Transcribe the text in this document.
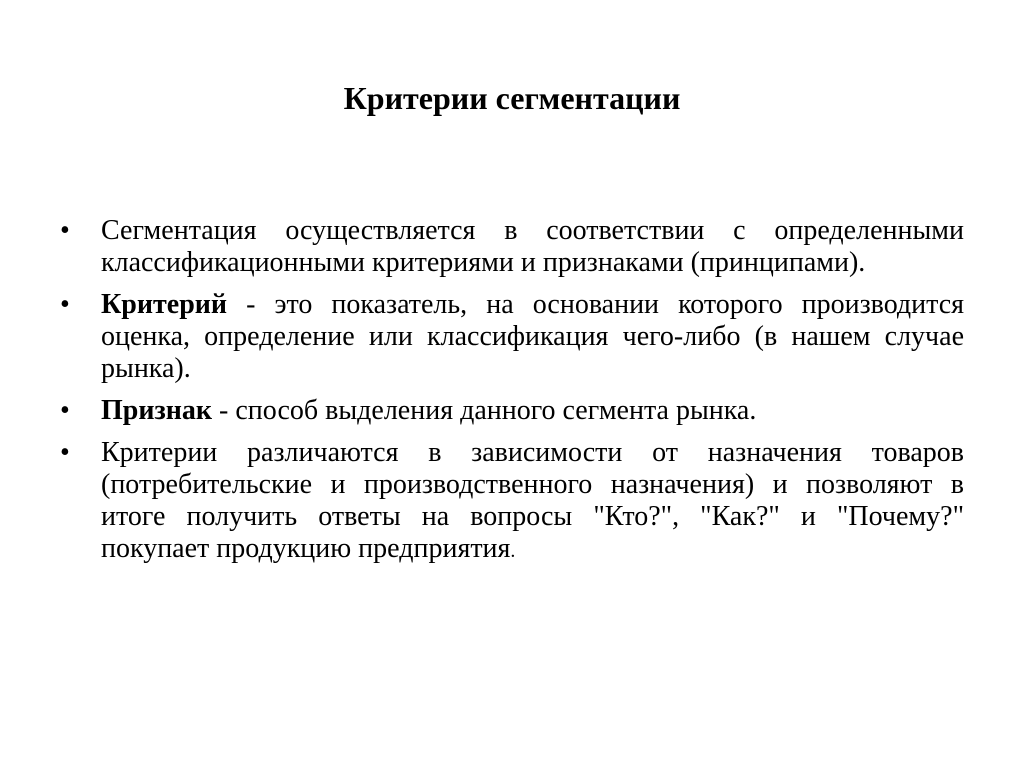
Критерии сегментации
•	Сегментация осуществляется в соответствии с определенными классификационными критериями и признаками (принципами).
•	Критерий - это показатель, на основании которого производится оценка, определение или классификация чего-либо (в нашем случае рынка).
•	Признак - способ выделения данного сегмента рынка.
•	Критерии различаются в зависимости от назначения товаров (потребительские и производственного назначения) и позволяют в итоге получить ответы на вопросы "Кто?", "Как?" и "Почему?" покупает продукцию предприятия.
